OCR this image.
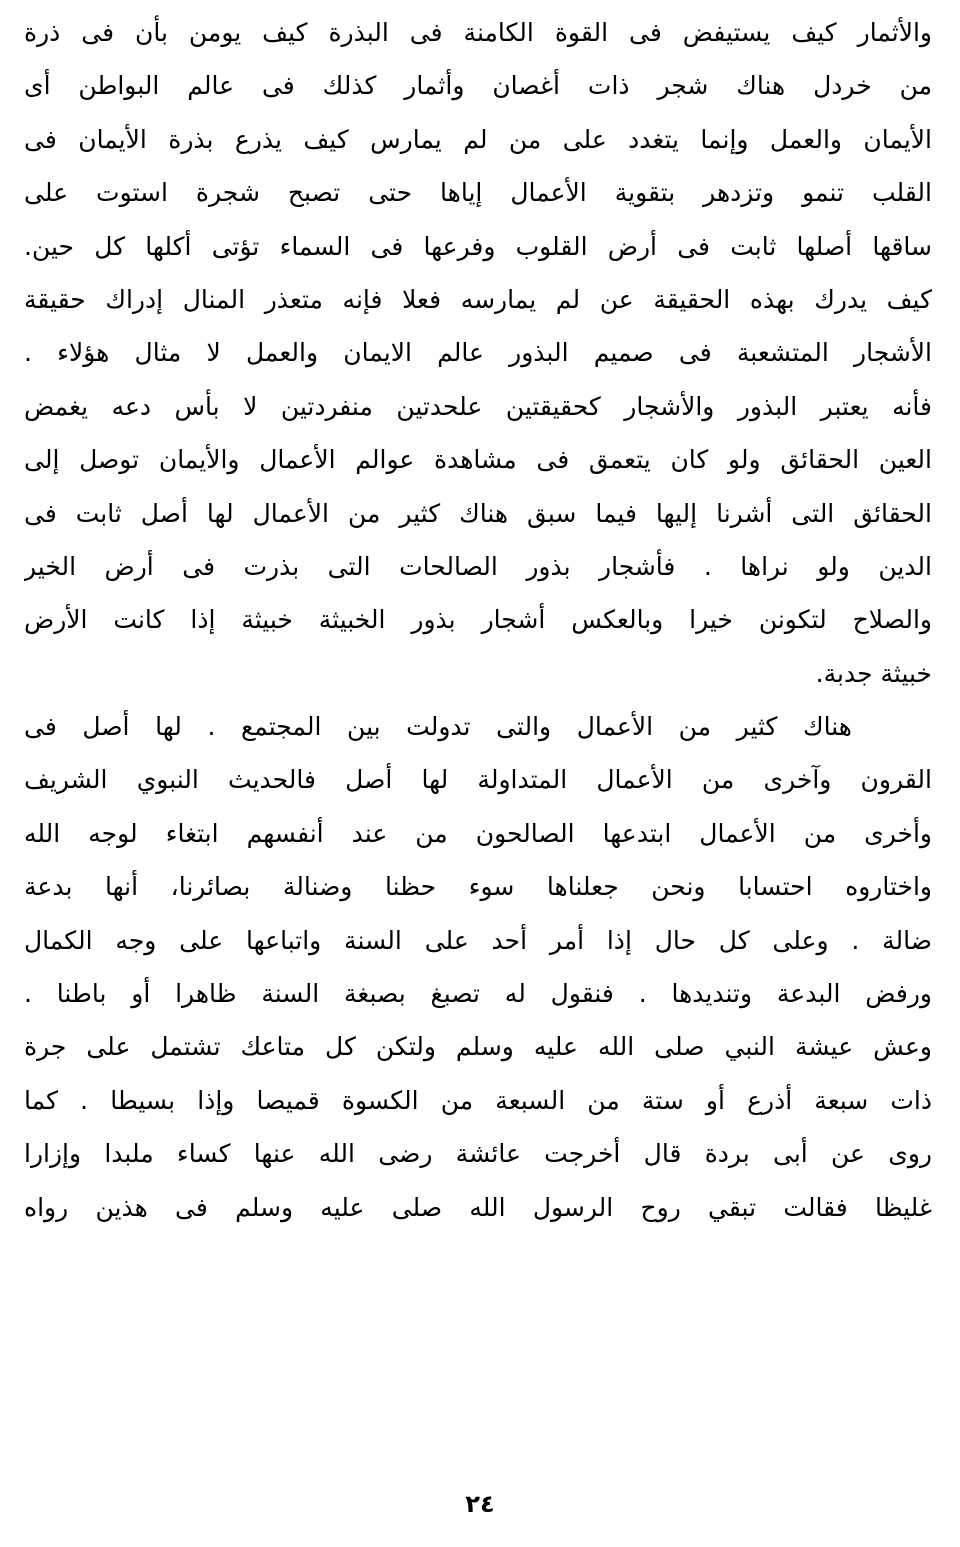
والأثمار كيف يستيفض فى القوة الكامنة فى البذرة كيف يومن بأن فى ذرة
من خردل هناك شجر ذات أغصان وأثمار كذلك فى عالم البواطن أى
الأيمان والعمل وإنما يتغدد على من لم يمارس كيف يذرع بذرة الأيمان فى
القلب تنمو وتزدهر بتقوية الأعمال إياها حتى تصبح شجرة استوت على
ساقها أصلها ثابت فى أرض القلوب وفرعها فى السماء تؤتى أكلها كل حين.
كيف يدرك بهذه الحقيقة عن لم يمارسه فعلا فإنه متعذر المنال إدراك حقيقة
الأشجار المتشعبة فى صميم البذور عالم الايمان والعمل لا مثال هؤلاء .
فأنه يعتبر البذور والأشجار كحقيقتين علحدتين منفردتين لا بأس دعه يغمض
العين الحقائق ولو كان يتعمق فى مشاهدة عوالم الأعمال والأيمان توصل إلى
الحقائق التى أشرنا إليها فيما سبق هناك كثير من الأعمال لها أصل ثابت فى
الدين ولو نراها . فأشجار بذور الصالحات التى بذرت فى أرض الخير
والصلاح لتكونن خيرا وبالعكس أشجار بذور الخبيثة خبيثة إذا كانت الأرض
خبيثة جدبة.
هناك كثير من الأعمال والتى تدولت بين المجتمع . لها أصل فى
القرون وآخرى من الأعمال المتداولة لها أصل فالحديث النبوي الشريف
وأخرى من الأعمال ابتدعها الصالحون من عند أنفسهم ابتغاء لوجه الله
واختاروه احتسابا ونحن جعلناها سوء حظنا وضنالة بصائرنا، أنها بدعة
ضالة . وعلى كل حال إذا أمر أحد على السنة واتباعها على وجه الكمال
ورفض البدعة وتنديدها . فنقول له تصبغ بصبغة السنة ظاهرا أو باطنا .
وعش عيشة النبي صلى الله عليه وسلم ولتكن كل متاعك تشتمل على جرة
ذات سبعة أذرع أو ستة من السبعة من الكسوة قميصا وإذا بسيطا . كما
روى عن أبى بردة قال أخرجت عائشة رضى الله عنها كساء ملبدا وإزارا
غليظا فقالت تبقي روح الرسول الله صلى عليه وسلم فى هذين رواه
٢٤
